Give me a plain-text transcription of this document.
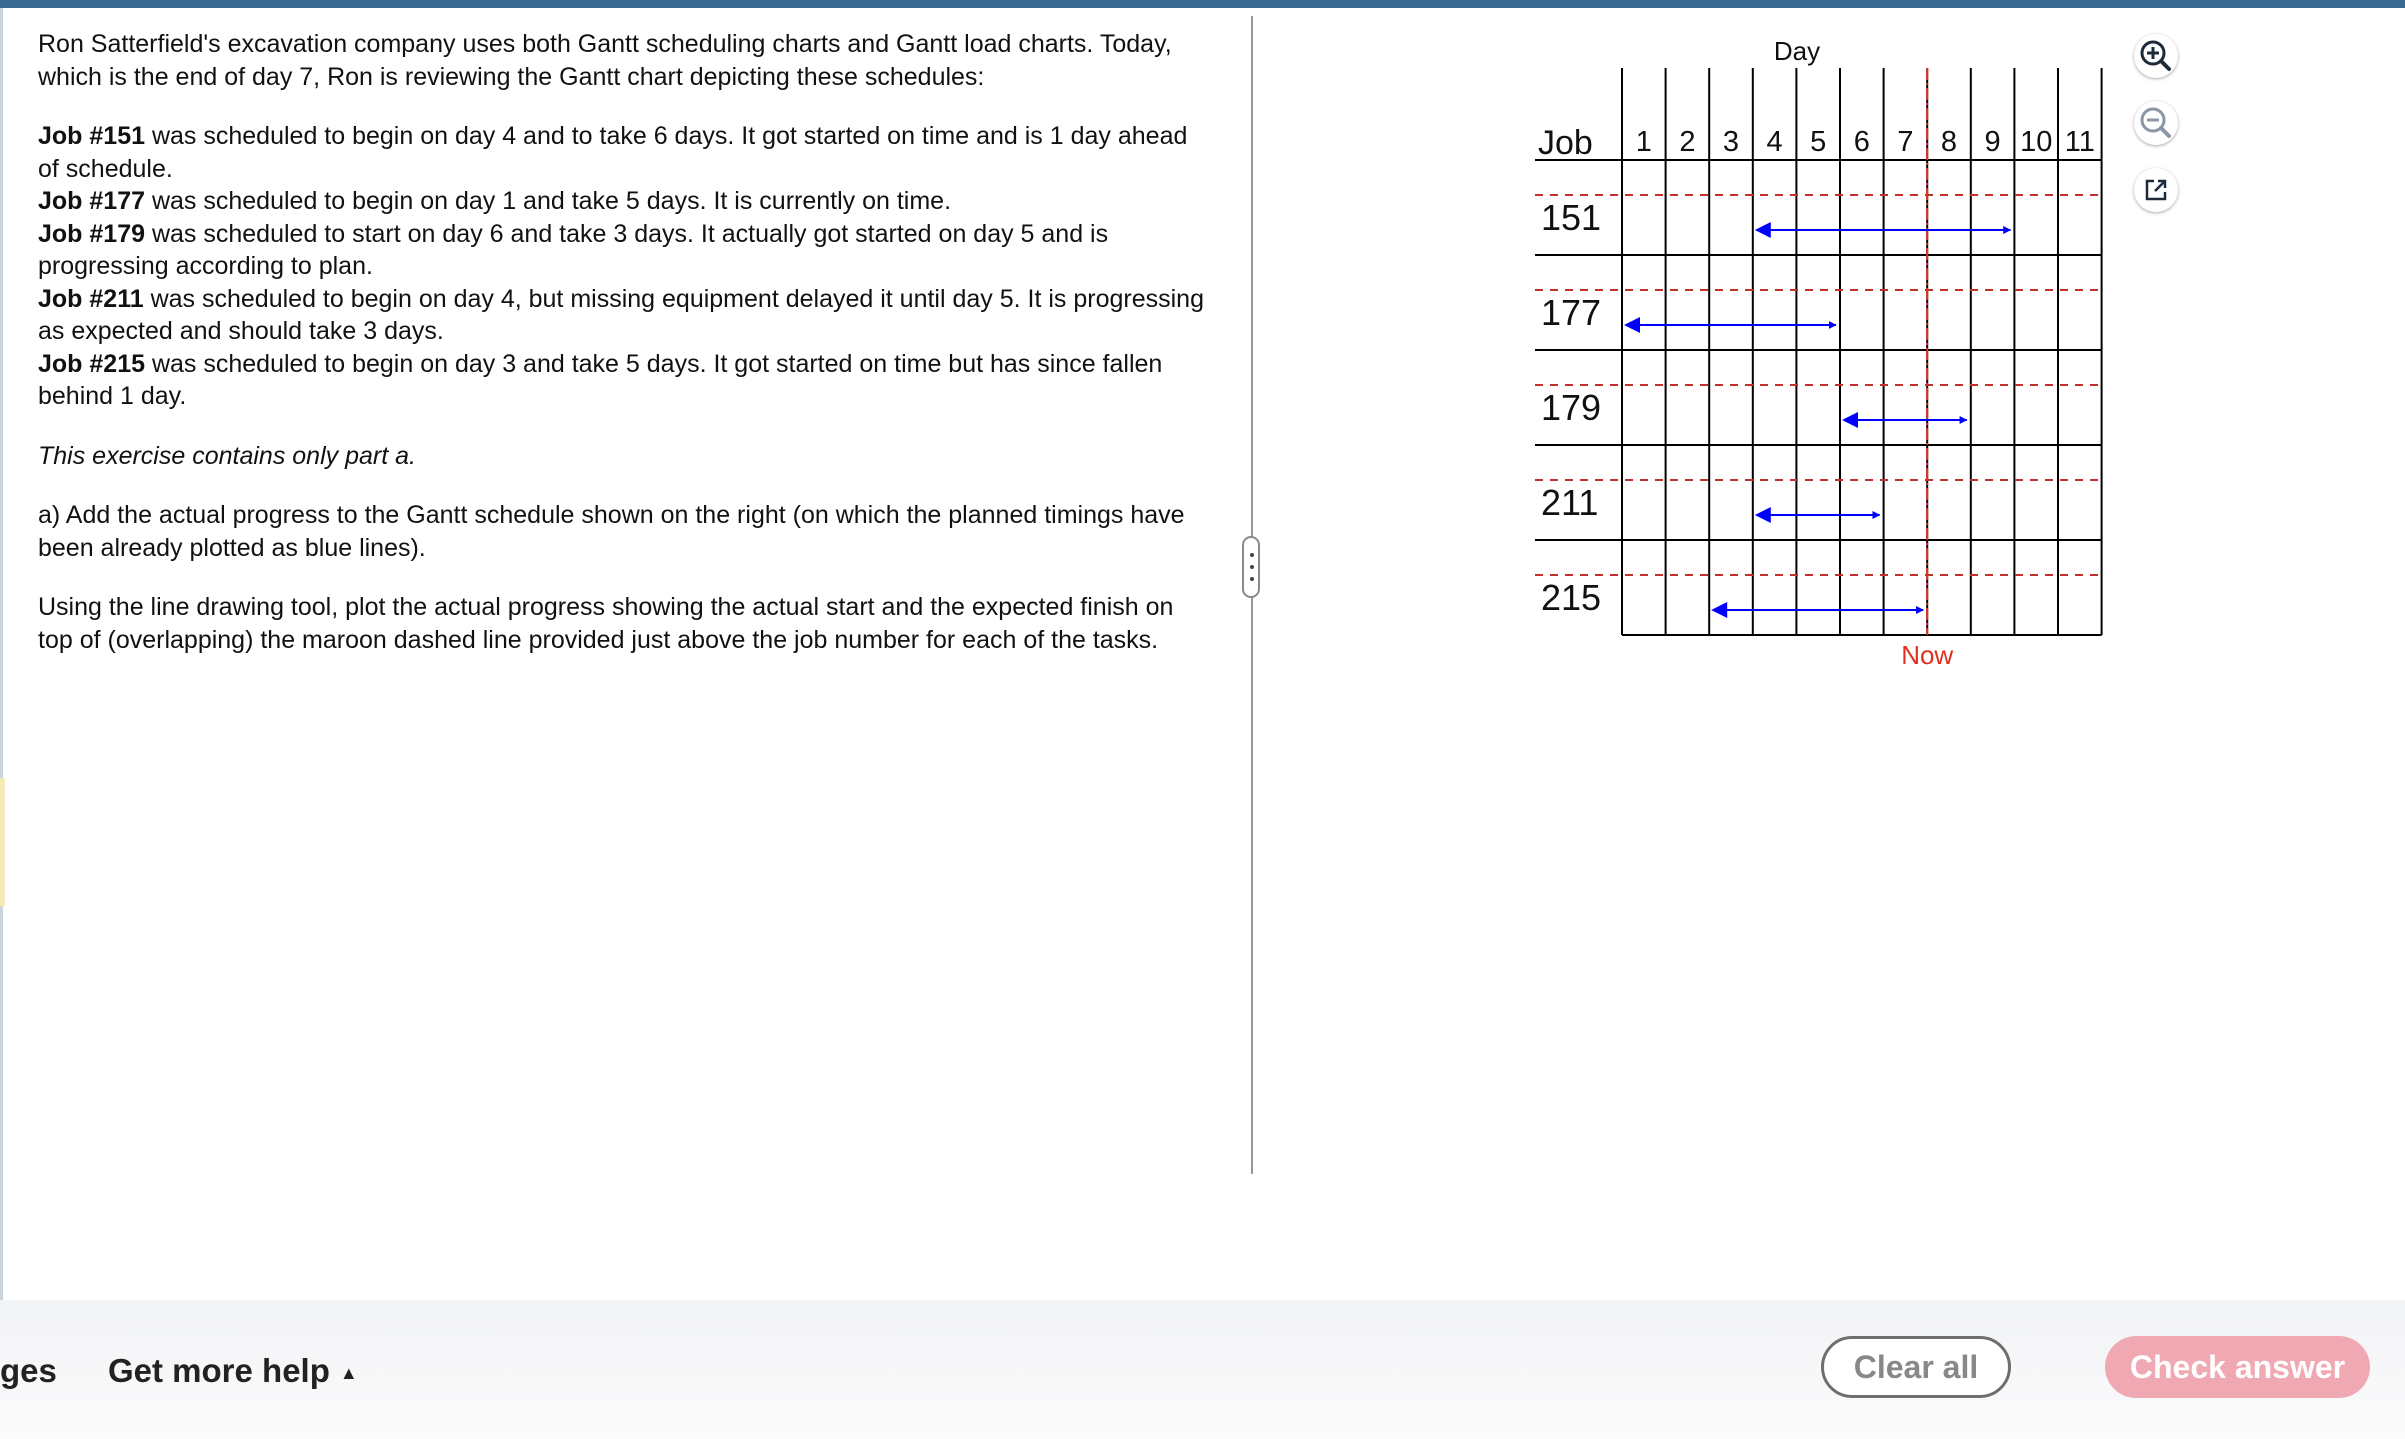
Ron Satterfield's excavation company uses both Gantt scheduling charts and Gantt load charts. Today, which is the end of day 7, Ron is reviewing the Gantt chart depicting these schedules:

Job #151 was scheduled to begin on day 4 and to take 6 days. It got started on time and is 1 day ahead of schedule.

Job #177 was scheduled to begin on day 1 and take 5 days. It is currently on time.

Job #179 was scheduled to start on day 6 and take 3 days. It actually got started on day 5 and is progressing according to plan.

Job #211 was scheduled to begin on day 4, but missing equipment delayed it until day 5. It is progressing as expected and should take 3 days.

Job #215 was scheduled to begin on day 3 and take 5 days. It got started on time but has since fallen behind 1 day.

This exercise contains only part a.

a) Add the actual progress to the Gantt schedule shown on the right (on which the planned timings have been already plotted as blue lines).

Using the line drawing tool, plot the actual progress showing the actual start and the expected finish on top of (overlapping) the maroon dashed line provided just above the job number for each of the tasks.

Day
Job 1 2 3 4 5 6 7 8 9 10 11
151
177
179
211
215
Now
ges Get more help ▲	Clear all	Check answer
